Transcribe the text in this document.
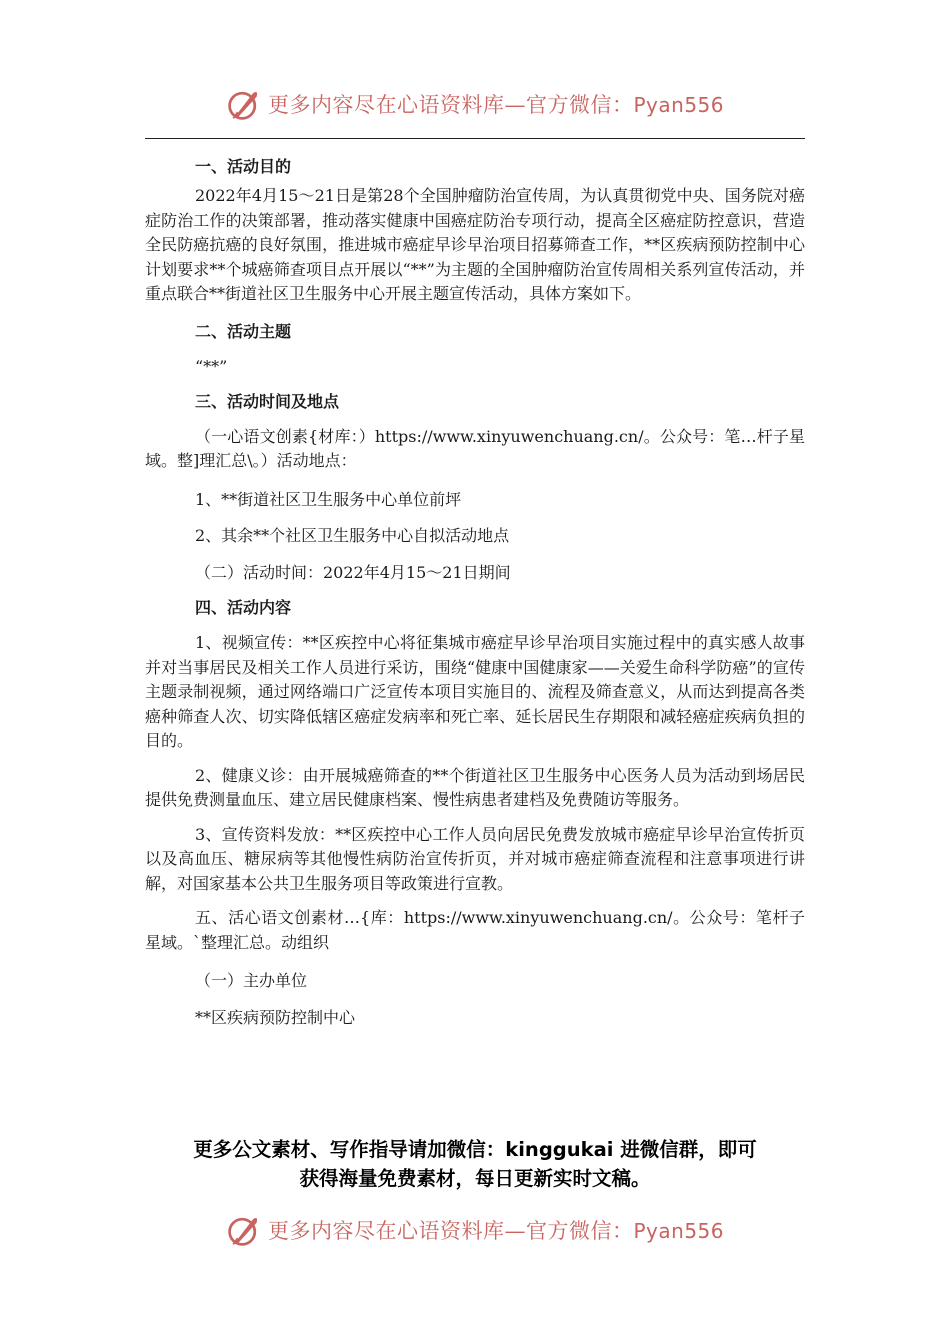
更多内容尽在心语资料库—官方微信：Pyan556

一、活动目的

2022年4月15～21日是第28个全国肿瘤防治宣传周，为认真贯彻党中央、国务院对癌症防治工作的决策部署，推动落实健康中国癌症防治专项行动，提高全区癌症防控意识，营造全民防癌抗癌的良好氛围，推进城市癌症早诊早治项目招募筛查工作，**区疾病预防控制中心计划要求**个城癌筛查项目点开展以“**”为主题的全国肿瘤防治宣传周相关系列宣传活动，并重点联合**街道社区卫生服务中心开展主题宣传活动，具体方案如下。

二、活动主题

“**”

三、活动时间及地点

（一心语文创素{材库：）https://www.xinyuwenchuang.cn/。公众号：笔…杆子星域。整]理汇总\。）活动地点：

1、**街道社区卫生服务中心单位前坪

2、其余**个社区卫生服务中心自拟活动地点

（二）活动时间：2022年4月15～21日期间

四、活动内容

1、视频宣传：**区疾控中心将征集城市癌症早诊早治项目实施过程中的真实感人故事并对当事居民及相关工作人员进行采访，围绕“健康中国健康家——关爱生命科学防癌”的宣传主题录制视频，通过网络端口广泛宣传本项目实施目的、流程及筛查意义，从而达到提高各类癌种筛查人次、切实降低辖区癌症发病率和死亡率、延长居民生存期限和减轻癌症疾病负担的目的。

2、健康义诊：由开展城癌筛查的**个街道社区卫生服务中心医务人员为活动到场居民提供免费测量血压、建立居民健康档案、慢性病患者建档及免费随访等服务。

3、宣传资料发放：**区疾控中心工作人员向居民免费发放城市癌症早诊早治宣传折页以及高血压、糖尿病等其他慢性病防治宣传折页，并对城市癌症筛查流程和注意事项进行讲解，对国家基本公共卫生服务项目等政策进行宣教。

五、活心语文创素材…{库：https://www.xinyuwenchuang.cn/。公众号：笔杆子星域。`整理汇总。动组织

（一）主办单位

**区疾病预防控制中心

更多公文素材、写作指导请加微信：kinggukai 进微信群，即可
获得海量免费素材，每日更新实时文稿。
更多内容尽在心语资料库—官方微信：Pyan556
